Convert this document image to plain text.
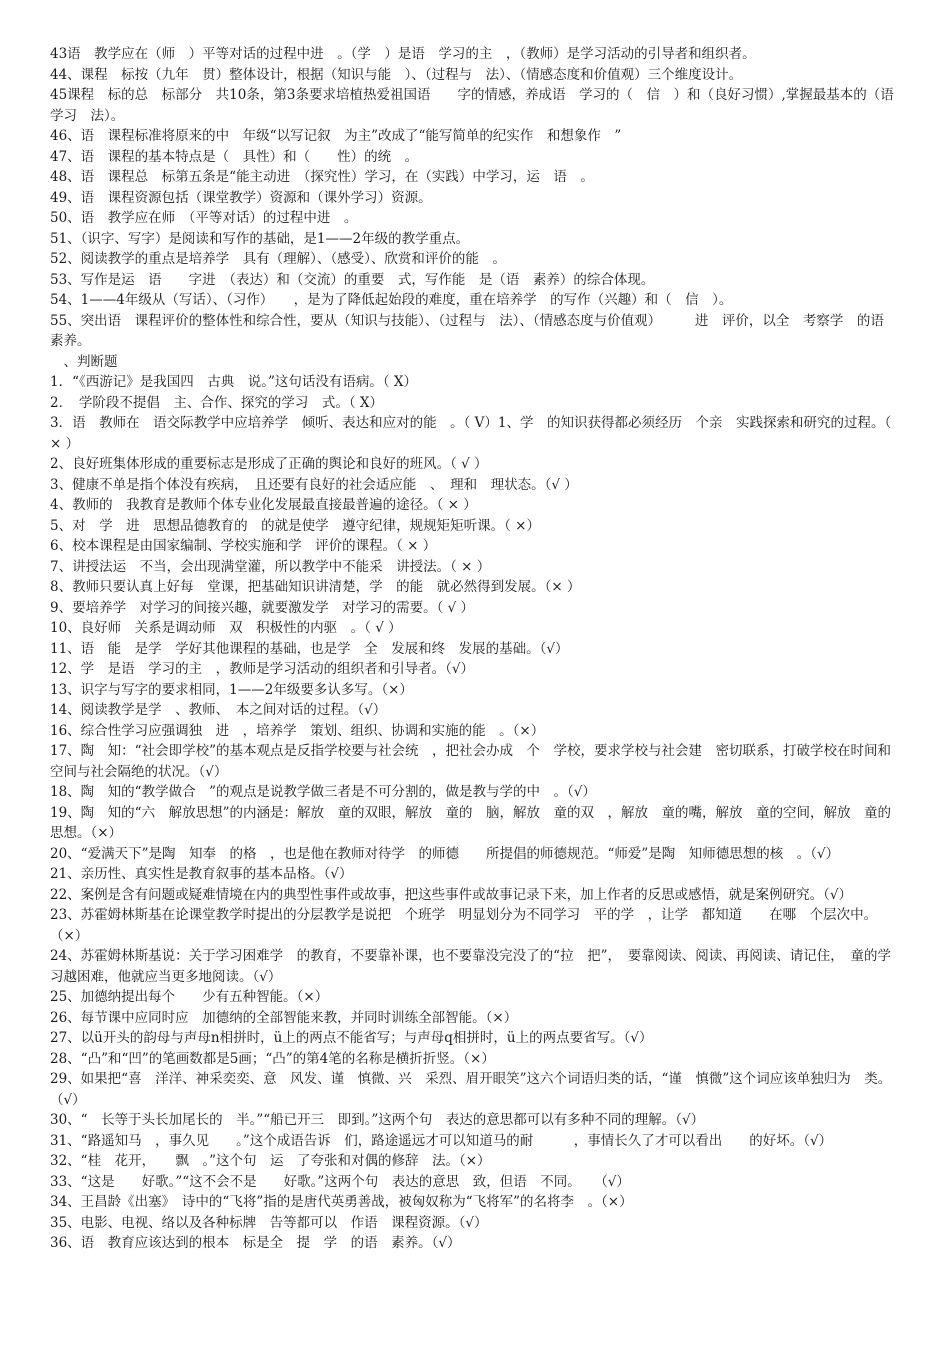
43语　教学应在（师　）平等对话的过程中进　。（学　）是语　学习的主　，（教师）是学习活动的引导者和组织者。

44、课程　标按（九年　贯）整体设计，根据（知识与能　）、（过程与　法）、（情感态度和价值观）三个维度设计。

45课程　标的总　标部分　共10条，第3条要求培植热爱祖国语　　字的情感，养成语　学习的（　信　）和（良好习惯）,掌握最基本的（语　学习　法）。

46、语　课程标准将原来的中　年级“以写记叙　为主”改成了“能写简单的纪实作　和想象作　”

47、语　课程的基本特点是（　具性）和（　　性）的统　。

48、语　课程总　标第五条是“能主动进　（探究性）学习，在（实践）中学习，运　语　。

49、语　课程资源包括（课堂教学）资源和（课外学习）资源。

50、语　教学应在师　（平等对话）的过程中进　。

51、（识字、写字）是阅读和写作的基础，是1——2年级的教学重点。

52、阅读教学的重点是培养学　具有（理解）、（感受）、欣赏和评价的能　。

53、写作是运　语　　字进　（表达）和（交流）的重要　式，写作能　是（语　素养）的综合体现。

54、1——4年级从（写话）、（习作）　　，是为了降低起始段的难度，重在培养学　的写作（兴趣）和（　信　）。

55、突出语　课程评价的整体性和综合性，要从（知识与技能）、（过程与　法）、（情感态度与价值观）　　　进　评价，以全　考察学　的语　素养。

　、判断题

1．“《西游记》是我国四　古典　说。”这句话没有语病。（ X）

2．　学阶段不提倡　主、合作、探究的学习　式。（ X）

3．语　教师在　语交际教学中应培养学　倾听、表达和应对的能　。（ V）1、学　的知识获得都必须经历　个亲　实践探索和研究的过程。（ × ）

2、良好班集体形成的重要标志是形成了正确的舆论和良好的班风。（ √ ）

3、健康不单是指个体没有疾病，　且还要有良好的社会适应能　、　理和　理状态。（√ ）

4、教师的　我教育是教师个体专业化发展最直接最普遍的途径。（ × ）

5、对　学　进　思想品德教育的　的就是使学　遵守纪律，规规矩矩听课。（ ×）

6、校本课程是由国家编制、学校实施和学　评价的课程。（ × ）

7、讲授法运　不当，会出现满堂灌，所以教学中不能采　讲授法。（ × ）

8、教师只要认真上好每　堂课，把基础知识讲清楚，学　的能　就必然得到发展。（× ）

9、要培养学　对学习的间接兴趣，就要激发学　对学习的需要。（ √ ）

10、良好师　关系是调动师　双　积极性的内驱　。（ √ ）

11、语　能　是学　学好其他课程的基础，也是学　全　发展和终　发展的基础。（√）

12、学　是语　学习的主　，教师是学习活动的组织者和引导者。（√）

13、识字与写字的要求相同，1——2年级要多认多写。（×）

14、阅读教学是学　、教师、　本之间对话的过程。（√）

16、综合性学习应强调独　进　，培养学　策划、组织、协调和实施的能　。（×）

17、陶　知：“社会即学校”的基本观点是反指学校要与社会统　，把社会办成　个　学校，要求学校与社会建　密切联系，打破学校在时间和空间与社会隔绝的状况。（√）

18、陶　知的“教学做合　”的观点是说教学做三者是不可分割的，做是教与学的中　。（√）

19、陶　知的“六　解放思想”的内涵是：解放　童的双眼，解放　童的　脑，解放　童的双　，解放　童的嘴，解放　童的空间，解放　童的思想。（×）

20、“爱满天下”是陶　知奉　的格　，也是他在教师对待学　的师德　　所提倡的师德规范。“师爱”是陶　知师德思想的核　。（√）

21、亲历性、真实性是教育叙事的基本品格。（√）

22、案例是含有问题或疑难情境在内的典型性事件或故事，把这些事件或故事记录下来，加上作者的反思或感悟，就是案例研究。（√）

23、苏霍姆林斯基在论课堂教学时提出的分层教学是说把　个班学　明显划分为不同学习　平的学　，让学　都知道　　在哪　个层次中。（×）

24、苏霍姆林斯基说：关于学习困难学　的教育，不要靠补课，也不要靠没完没了的“拉　把”，　要靠阅读、阅读、再阅读、请记住，　童的学习越困难，他就应当更多地阅读。（√）

25、加德纳提出每个　　少有五种智能。（×）

26、每节课中应同时应　加德纳的全部智能来教，并同时训练全部智能。（×）

27、以ü开头的韵母与声母n相拼时，ü上的两点不能省写；与声母q相拼时，ü上的两点要省写。（√）

28、“凸”和“凹”的笔画数都是5画；“凸”的第4笔的名称是横折折竖。（×）

29、如果把“喜　洋洋、神采奕奕、意　风发、谨　慎微、兴　采烈、眉开眼笑”这六个词语归类的话，“谨　慎微”这个词应该单独归为　类。（√）

30、“　长等于头长加尾长的　半。”“船已开三　即到。”这两个句　表达的意思都可以有多种不同的理解。（√）

31、“路遥知马　，事久见　　。”这个成语告诉　们，路途遥远才可以知道马的耐　　　，事情长久了才可以看出　　的好坏。（√）

32、“桂　花开，　　飘　。”这个句　运　了夸张和对偶的修辞　法。（×）

33、“这是　　好歌。”“这不会不是　　好歌。”这两个句　表达的意思　致，但语　不同。　　（√）

34、王昌龄《出塞》　诗中的“飞将”指的是唐代英勇善战，被匈奴称为“飞将军”的名将李　。（×）

35、电影、电视、络以及各种标牌　告等都可以　作语　课程资源。（√）

36、语　教育应该达到的根本　标是全　提　学　的语　素养。（√）
